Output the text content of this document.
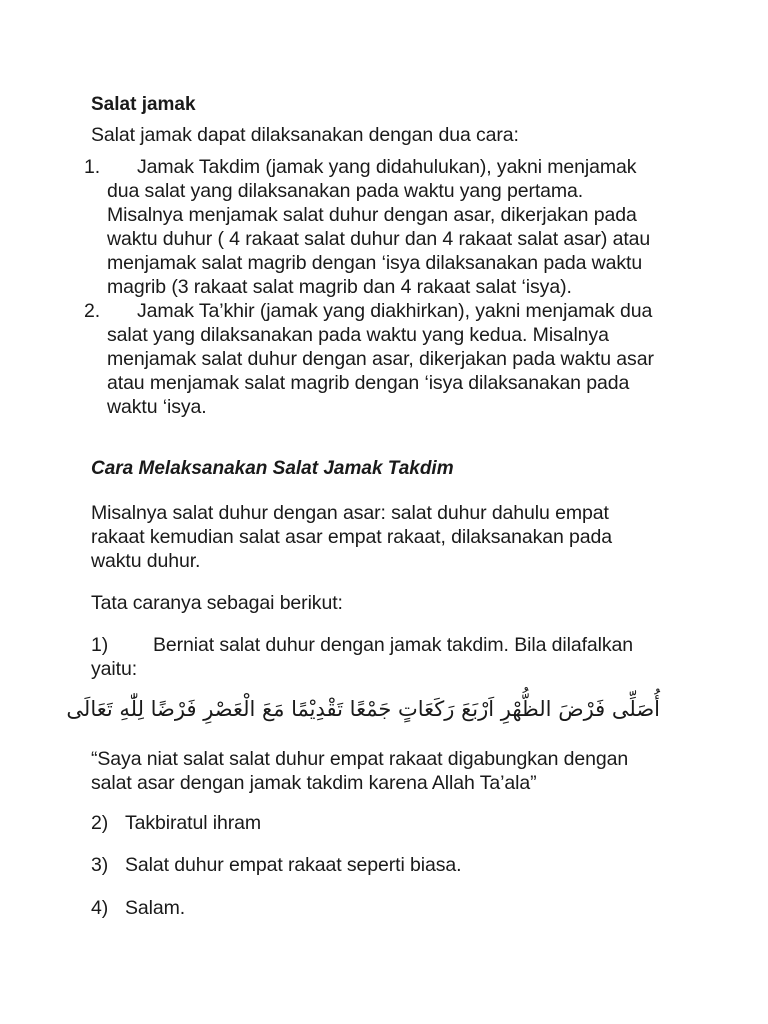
Salat jamak
Salat jamak dapat dilaksanakan dengan dua cara:
1.	Jamak Takdim (jamak yang didahulukan), yakni menjamak
dua salat yang dilaksanakan pada waktu yang pertama.
Misalnya menjamak salat duhur dengan asar, dikerjakan pada
waktu duhur ( 4 rakaat salat duhur dan 4 rakaat salat asar) atau
menjamak salat magrib dengan ‘isya dilaksanakan pada waktu
magrib (3 rakaat salat magrib dan 4 rakaat salat ‘isya).
2.	Jamak Ta’khir (jamak yang diakhirkan), yakni menjamak dua
salat yang dilaksanakan pada waktu yang kedua. Misalnya
menjamak salat duhur dengan asar, dikerjakan pada waktu asar
atau menjamak salat magrib dengan ‘isya dilaksanakan pada
waktu ‘isya.
Cara Melaksanakan Salat Jamak Takdim
Misalnya salat duhur dengan asar: salat duhur dahulu empat
rakaat kemudian salat asar empat rakaat, dilaksanakan pada
waktu duhur.
Tata caranya sebagai berikut:
1) Berniat salat duhur dengan jamak takdim. Bila dilafalkan
yaitu:
أُصَلِّى فَرْضَ الظُّهْرِ اَرْبَعَ رَكَعَاتٍ جَمْعًا تَقْدِيْمًا مَعَ الْعَصْرِ فَرْضًا لِلّٰهِ تَعَالَى
“Saya niat salat salat duhur empat rakaat digabungkan dengan
salat asar dengan jamak takdim karena Allah Ta’ala”
2) Takbiratul ihram
3) Salat duhur empat rakaat seperti biasa.
4) Salam.
